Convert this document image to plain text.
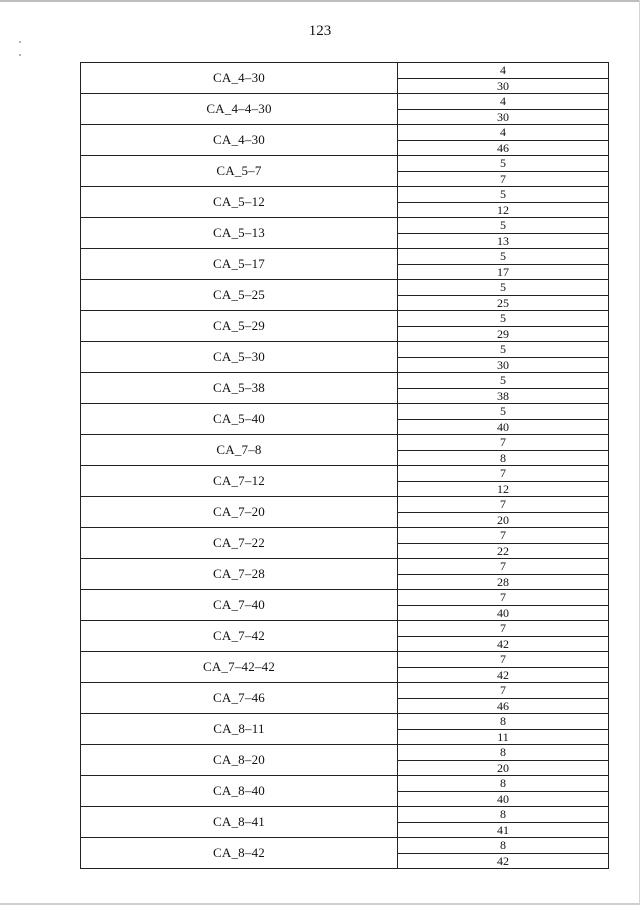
123
CA_4–30	4
30

CA_4–4–30	4
30

CA_4–30	4
46

CA_5–7	5
7

CA_5–12	5
12

CA_5–13	5
13

CA_5–17	5
17

CA_5–25	5
25

CA_5–29	5
29

CA_5–30	5
30

CA_5–38	5
38

CA_5–40	5
40

CA_7–8	7
8

CA_7–12	7
12

CA_7–20	7
20

CA_7–22	7
22

CA_7–28	7
28

CA_7–40	7
40

CA_7–42	7
42

CA_7–42–42	7
42

CA_7–46	7
46

CA_8–11	8
11

CA_8–20	8
20

CA_8–40	8
40

CA_8–41	8
41

CA_8–42	8
42
